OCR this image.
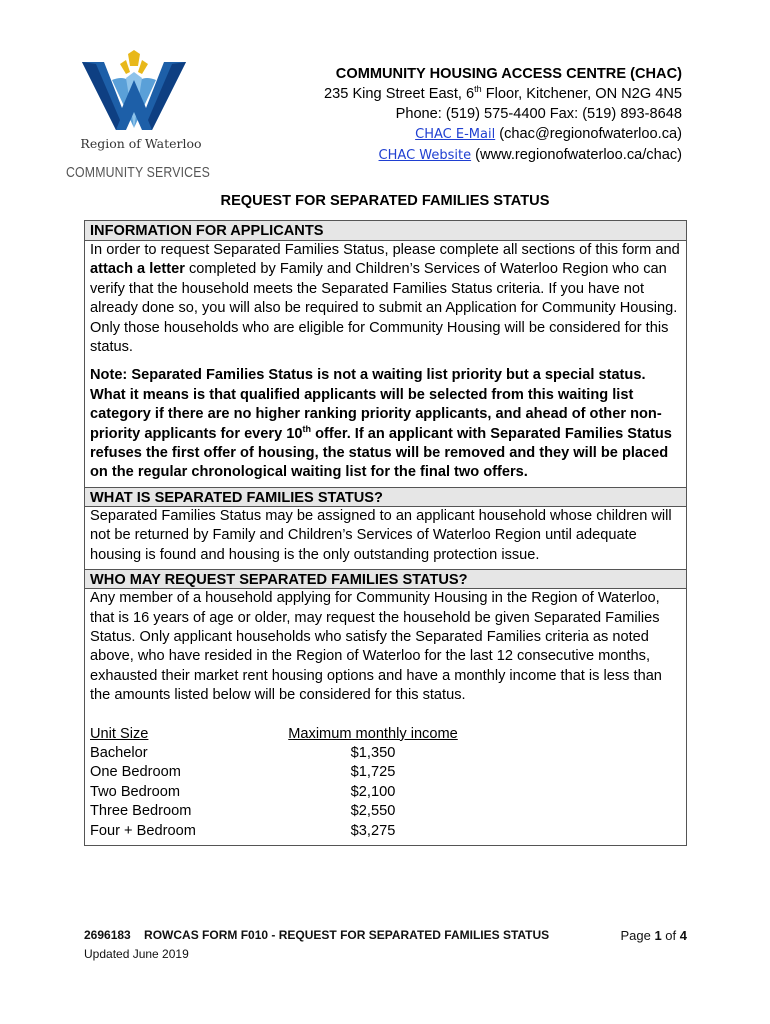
Region of Waterloo
COMMUNITY SERVICES
COMMUNITY HOUSING ACCESS CENTRE (CHAC)
235 King Street East, 6th Floor, Kitchener, ON N2G 4N5
Phone: (519) 575-4400 Fax: (519) 893-8648
CHAC E-Mail (chac@regionofwaterloo.ca)
CHAC Website (www.regionofwaterloo.ca/chac)
REQUEST FOR SEPARATED FAMILIES STATUS
INFORMATION FOR APPLICANTS

In order to request Separated Families Status, please complete all sections of this form and attach a letter completed by Family and Children’s Services of Waterloo Region who can verify that the household meets the Separated Families Status criteria. If you have not already done so, you will also be required to submit an Application for Community Housing. Only those households who are eligible for Community Housing will be considered for this status.

Note: Separated Families Status is not a waiting list priority but a special status. What it means is that qualified applicants will be selected from this waiting list category if there are no higher ranking priority applicants, and ahead of other non-priority applicants for every 10th offer. If an applicant with Separated Families Status refuses the first offer of housing, the status will be removed and they will be placed on the regular chronological waiting list for the final two offers.

WHAT IS SEPARATED FAMILIES STATUS?

Separated Families Status may be assigned to an applicant household whose children will not be returned by Family and Children’s Services of Waterloo Region until adequate housing is found and housing is the only outstanding protection issue.

WHO MAY REQUEST SEPARATED FAMILIES STATUS?

Any member of a household applying for Community Housing in the Region of Waterloo, that is 16 years of age or older, may request the household be given Separated Families Status. Only applicant households who satisfy the Separated Families criteria as noted above, who have resided in the Region of Waterloo for the last 12 consecutive months, exhausted their market rent housing options and have a monthly income that is less than the amounts listed below will be considered for this status.

Unit Size	Maximum monthly income
Bachelor	$1,350
One Bedroom	$1,725
Two Bedroom	$2,100
Three Bedroom	$2,550
Four + Bedroom	$3,275
2696183    ROWCAS FORM F010 - REQUEST FOR SEPARATED FAMILIES STATUS
Updated June 2019
Page 1 of 4
